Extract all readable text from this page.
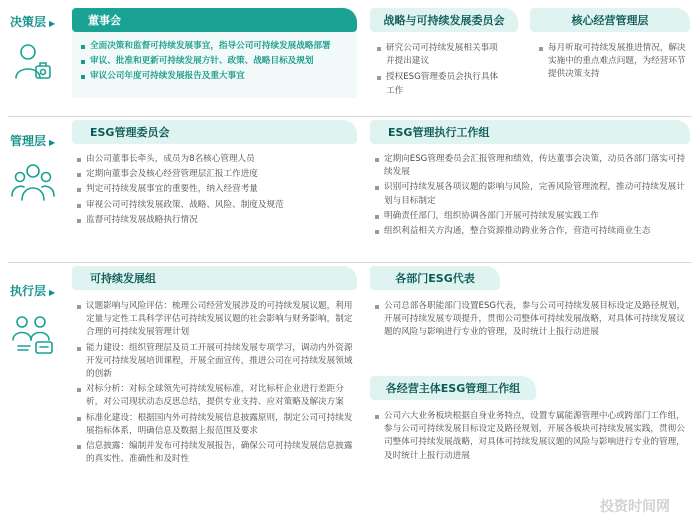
决策层 ▶	董事会
全面决策和监督可持续发展事宜，指导公司可持续发展战略部署
审议、批准和更新可持续发展方针、政策、战略目标及规划
审议公司年度可持续发展报告及重大事宜
战略与可持续发展委员会
研究公司可持续发展相关事项并提出建议
授权ESG管理委员会执行具体工作
核心经营管理层
每月听取可持续发展推进情况，解决实施中的重点难点问题，为经营环节提供决策支持
管理层 ▶
ESG管理委员会
由公司董事长牵头，成员为8名核心管理人员
定期向董事会及核心经营管理层汇报工作进度
判定可持续发展事宜的重要性，纳入经营考量
审视公司可持续发展政策、战略、风险、制度及规范
监督可持续发展战略执行情况
ESG管理执行工作组
定期向ESG管理委员会汇报管理和绩效，传达董事会决策，动员各部门落实可持续发展
识别可持续发展各项议题的影响与风险，完善风险管理流程，推动可持续发展计划与目标制定
明确责任部门，组织协调各部门开展可持续发展实践工作
组织利益相关方沟通，整合资源推动跨业务合作，营造可持续商业生态
执行层 ▶
可持续发展组
议题影响与风险评估：梳理公司经营发展涉及的可持续发展议题，利用定量与定性工具科学评估可持续发展议题的社会影响与财务影响，制定合理的可持续发展管理计划
能力建设：组织管理层及员工开展可持续发展专项学习，调动内外资源开发可持续发展培训课程，开展全面宣传，推进公司在可持续发展领域的创新
对标分析：对标全球领先可持续发展标准，对比标杆企业进行差距分析，对公司现状动态反思总结，提供专业支持、应对策略及解决方案
标准化建设：根据国内外可持续发展信息披露原则，制定公司可持续发展指标体系，明确信息及数据上报范围及要求
信息披露：编制并发布可持续发展报告，确保公司可持续发展信息披露的真实性、准确性和及时性
各部门ESG代表
公司总部各职能部门设置ESG代表，参与公司可持续发展目标设定及路径规划，开展可持续发展专项提升，贯彻公司整体可持续发展战略，对具体可持续发展议题的风险与影响进行专业的管理，及时统计上报行动进展
各经营主体ESG管理工作组
公司六大业务板块根据自身业务特点，设置专属能源管理中心或跨部门工作组，参与公司可持续发展目标设定及路径规划，开展各板块可持续发展实践，贯彻公司整体可持续发展战略，对具体可持续发展议题的风险与影响进行专业的管理，及时统计上报行动进展
投资时间网
